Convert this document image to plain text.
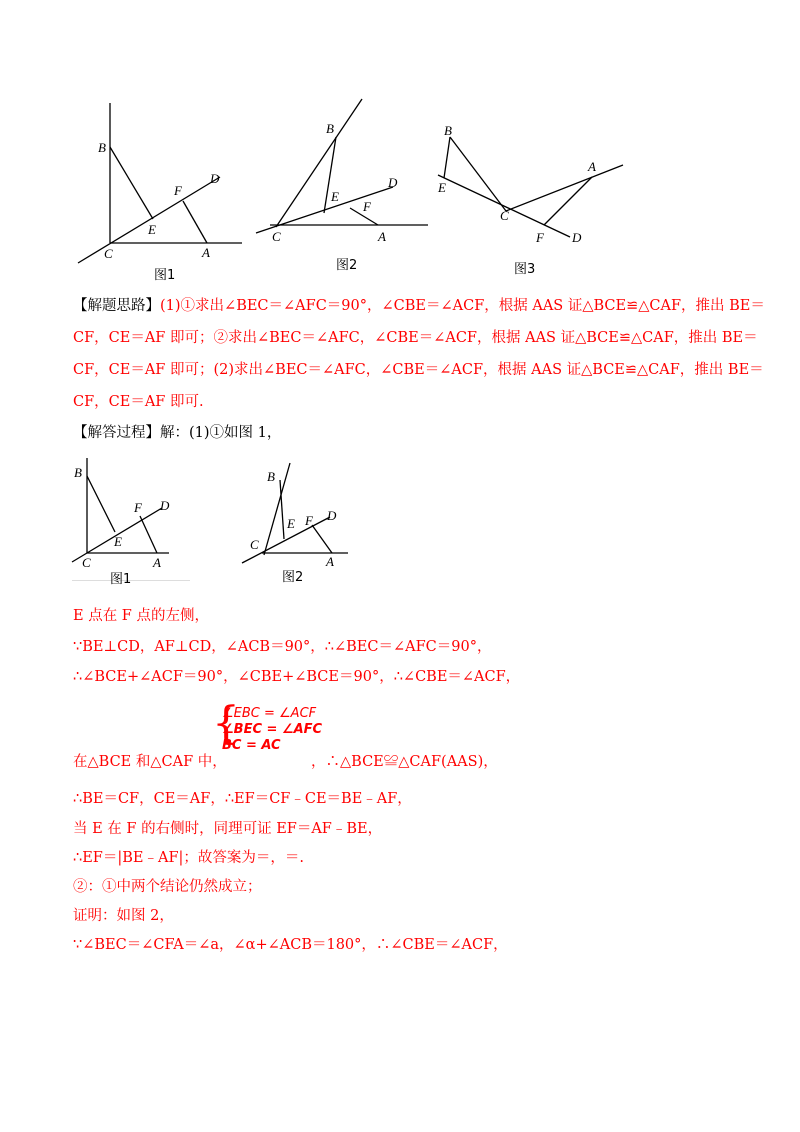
B
E
F
D
C	A
图1
B
E
D
F
C	A
图2
B
E
A
C
F D
图3
【解题思路】(1)①求出∠BEC＝∠AFC＝90°，∠CBE＝∠ACF，根据 AAS 证△BCE≌△CAF，推出 BE＝
CF，CE＝AF 即可；②求出∠BEC＝∠AFC，∠CBE＝∠ACF，根据 AAS 证△BCE≌△CAF，推出 BE＝
CF，CE＝AF 即可；(2)求出∠BEC＝∠AFC，∠CBE＝∠ACF，根据 AAS 证△BCE≌△CAF，推出 BE＝
CF，CE＝AF 即可.
【解答过程】解：(1)①如图 1，
B
F D
E
C	A
图1
B
E F D
C
A
图2
E 点在 F 点的左侧，
∵BE⊥CD，AF⊥CD，∠ACB＝90°，∴∠BEC＝∠AFC＝90°，
∴∠BCE+∠ACF＝90°，∠CBE+∠BCE＝90°，∴∠CBE＝∠ACF，
{
∠EBC = ∠ACF
∠BEC = ∠AFC
BC = AC
在△BCE 和△CAF 中，	，∴△BCE≌△CAF(AAS)，
∴BE＝CF，CE＝AF，∴EF＝CF﹣CE＝BE﹣AF，
当 E 在 F 的右侧时，同理可证 EF＝AF﹣BE，
∴EF＝|BE﹣AF|；故答案为＝，＝.
②：①中两个结论仍然成立；
证明：如图 2，
∵∠BEC＝∠CFA＝∠a，∠α+∠ACB＝180°，∴∠CBE＝∠ACF，
